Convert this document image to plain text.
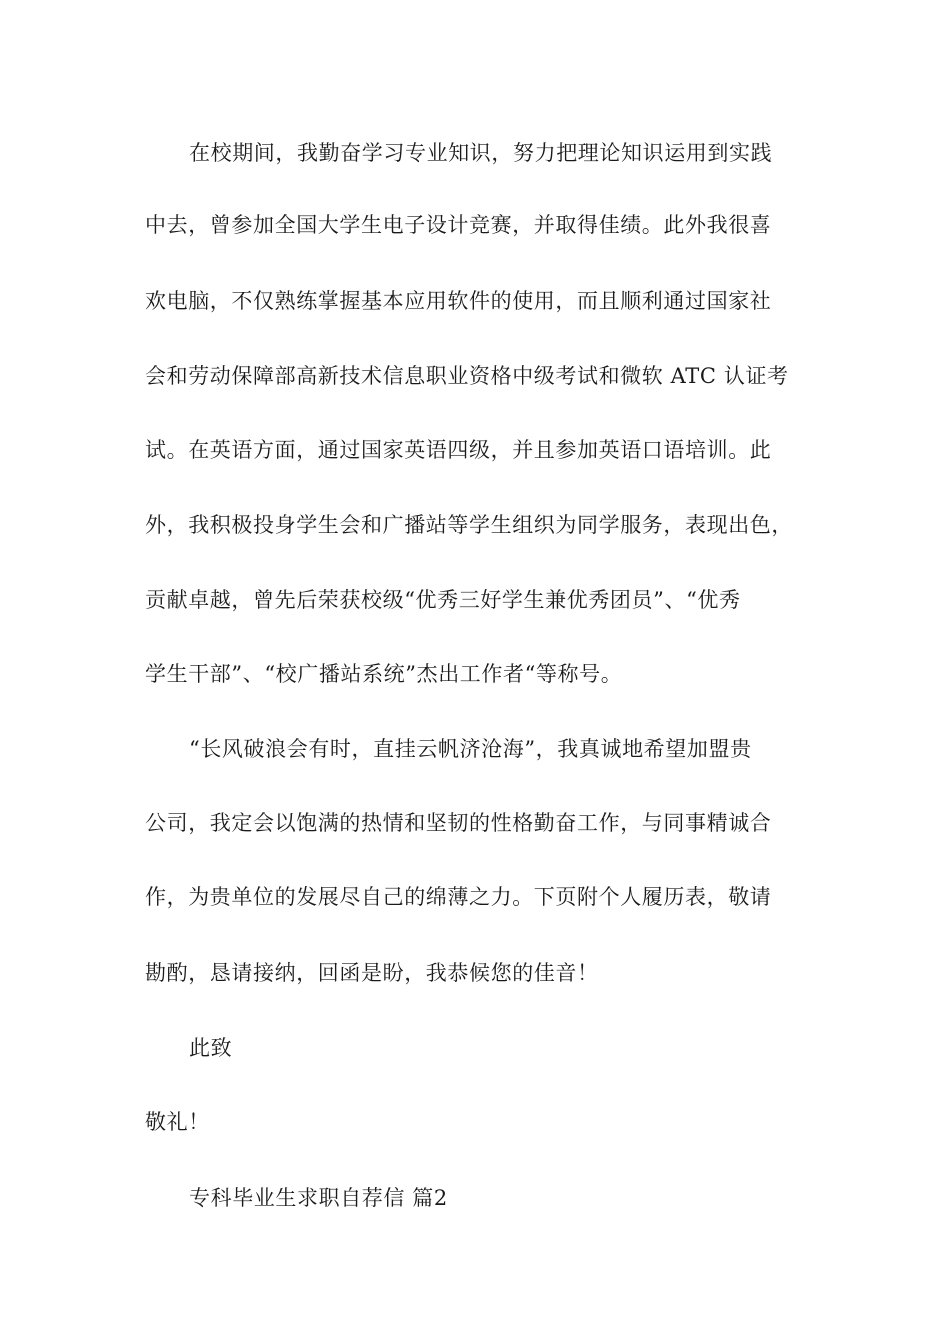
在校期间，我勤奋学习专业知识，努力把理论知识运用到实践
中去，曾参加全国大学生电子设计竞赛，并取得佳绩。此外我很喜
欢电脑，不仅熟练掌握基本应用软件的使用，而且顺利通过国家社
会和劳动保障部高新技术信息职业资格中级考试和微软 ATC 认证考
试。在英语方面，通过国家英语四级，并且参加英语口语培训。此
外，我积极投身学生会和广播站等学生组织为同学服务，表现出色，
贡献卓越，曾先后荣获校级“优秀三好学生兼优秀团员”、“优秀
学生干部”、“校广播站系统”杰出工作者“等称号。
“长风破浪会有时，直挂云帆济沧海”，我真诚地希望加盟贵
公司，我定会以饱满的热情和坚韧的性格勤奋工作，与同事精诚合
作，为贵单位的发展尽自己的绵薄之力。下页附个人履历表，敬请
勘酌，恳请接纳，回函是盼，我恭候您的佳音！
此致
敬礼！
专科毕业生求职自荐信 篇2
